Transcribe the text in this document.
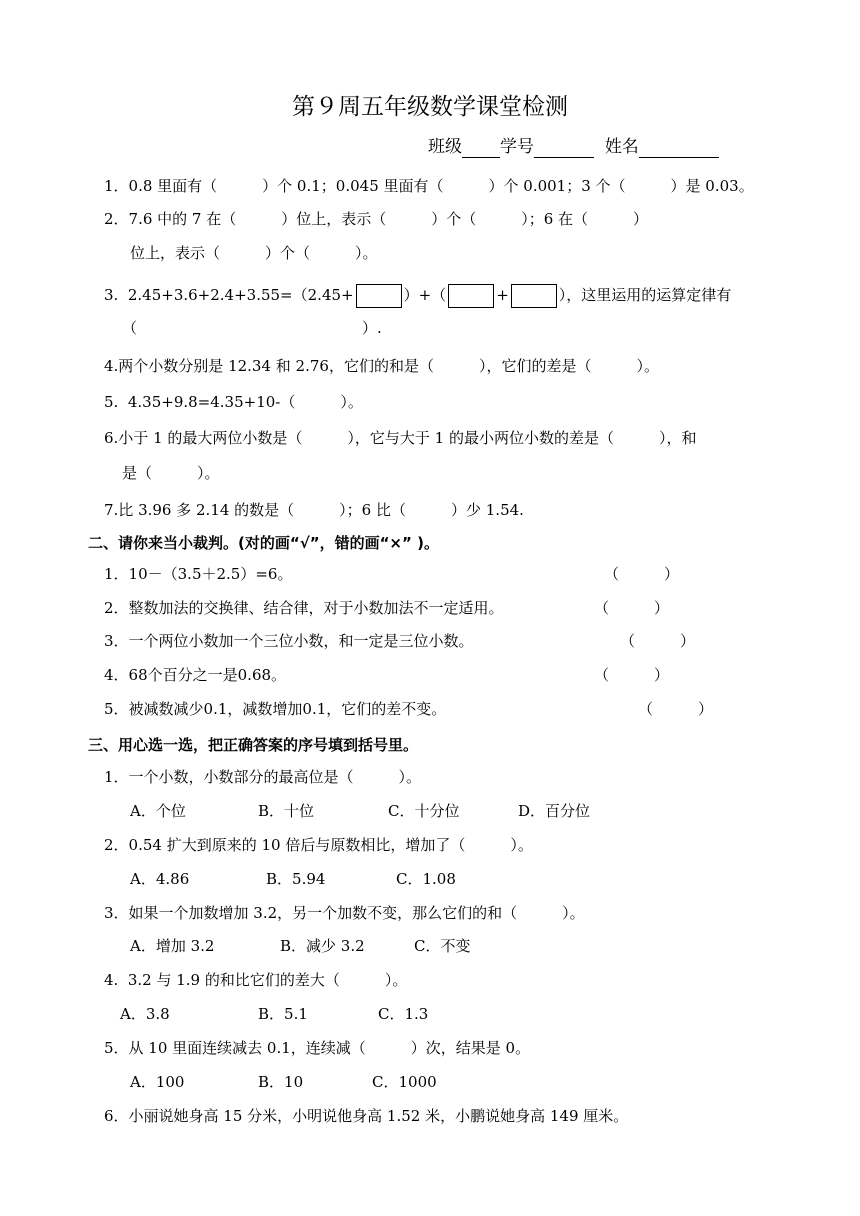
第９周五年级数学课堂检测
班级 学号	姓名
1．0.8 里面有（　　　）个 0.1；0.045 里面有（　　　）个 0.001；3 个（　　　）是 0.03。
2．7.6 中的 7 在（　　　）位上，表示（　　　）个（　　　）；6 在（　　　）
位上，表示（　　　）个（　　　）。
3.  2.45+3.6+2.4+3.55=（2.45+	）+（	+	），这里运用的运算定律有
（　　　　　　　　　　　　　　　）.
4.两个小数分别是 12.34 和 2.76，它们的和是（　　　），它们的差是（　　　）。
5.  4.35+9.8=4.35+10-（　　　）。
6.小于 1 的最大两位小数是（　　　），它与大于 1 的最小两位小数的差是（　　　），和
是（　　　）。
7.比 3.96 多 2.14 的数是（　　　）；6 比（　　　）少 1.54.
二、请你来当小裁判。(对的画“√”，错的画“×” )。
1．10－（3.5＋2.5）=6。	（　　　）
2．整数加法的交换律、结合律，对于小数加法不一定适用。	（　　　）
3．一个两位小数加一个三位小数，和一定是三位小数。	（　　　）
4．68个百分之一是0.68。	（　　　）
5．被减数减少0.1，减数增加0.1，它们的差不变。	（　　　）
三、用心选一选，把正确答案的序号填到括号里。
1．一个小数，小数部分的最高位是（　　　）。
A．个位	B．十位	C．十分位	D．百分位
2．0.54 扩大到原来的 10 倍后与原数相比，增加了（　　　）。
A．4.86	B．5.94	C．1.08
3．如果一个加数增加 3.2，另一个加数不变，那么它们的和（　　　）。
A．增加 3.2	B．减少 3.2	C．不变
4.  3.2 与 1.9 的和比它们的差大（　　　）。
A．3.8	B．5.1	C．1.3
5．从 10 里面连续减去 0.1，连续减（　　　）次，结果是 0。
A．100	B．10	C．1000
6．小丽说她身高 15 分米，小明说他身高 1.52 米，小鹏说她身高 149 厘米。
